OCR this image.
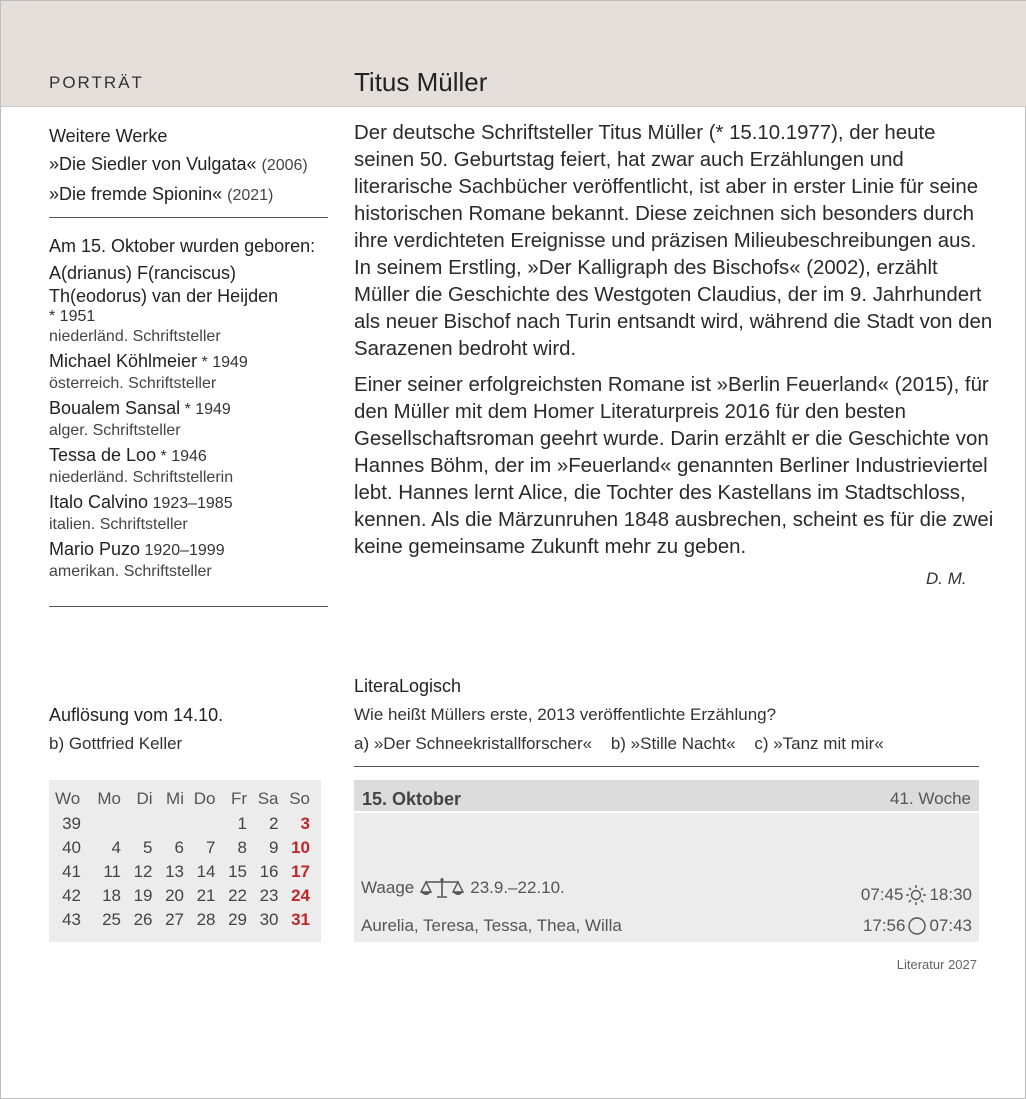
PORTRÄT	Titus Müller
Weitere Werke
»Die Siedler von Vulgata« (2006)
»Die fremde Spionin« (2021)
Am 15. Oktober wurden geboren:
A(drianus) F(ranciscus) Th(eodorus) van der Heijden
* 1951
niederländ. Schriftsteller
Michael Köhlmeier * 1949
österreich. Schriftsteller
Boualem Sansal * 1949
alger. Schriftsteller
Tessa de Loo * 1946
niederländ. Schriftstellerin
Italo Calvino 1923–1985
italien. Schriftsteller
Mario Puzo 1920–1999
amerikan. Schriftsteller

Der deutsche Schriftsteller Titus Müller (* 15.10.1977), der heute seinen 50. Geburtstag feiert, hat zwar auch Erzählungen und literarische Sachbücher veröffentlicht, ist aber in erster Linie für seine historischen Romane bekannt. Diese zeichnen sich besonders durch ihre verdichteten Ereignisse und präzisen Milieubeschreibungen aus. In seinem Erstling, »Der Kalligraph des Bischofs« (2002), erzählt Müller die Geschichte des Westgoten Claudius, der im 9. Jahrhundert als neuer Bischof nach Turin entsandt wird, während die Stadt von den Sarazenen bedroht wird.

Einer seiner erfolgreichsten Romane ist »Berlin Feuerland« (2015), für den Müller mit dem Homer Literaturpreis 2016 für den besten Gesellschaftsroman geehrt wurde. Darin erzählt er die Geschichte von Hannes Böhm, der im »Feuerland« genannten Berliner Industrieviertel lebt. Hannes lernt Alice, die Tochter des Kastellans im Stadtschloss, kennen. Als die Märzunruhen 1848 ausbrechen, scheint es für die zwei keine gemeinsame Zukunft mehr zu geben.

D. M.
LiteraLogisch
Wie heißt Müllers erste, 2013 veröffentlichte Erzählung?
a) »Der Schneekristallforscher« b) »Stille Nacht« c) »Tanz mit mir«
Auflösung vom 14.10.
b) Gottfried Keller
Wo	Mo	Di	Mi	Do	Fr	Sa	So
39					1	2	3
40	4	5	6	7	8	9	10
41	11	12	13	14	15	16	17
42	18	19	20	21	22	23	24
43	25	26	27	28	29	30	31
15. Oktober	41. Woche
Waage	23.9.–22.10.	07:45 18:30
Aurelia, Teresa, Tessa, Thea, Willa	17:56 07:43
Literatur 2027
